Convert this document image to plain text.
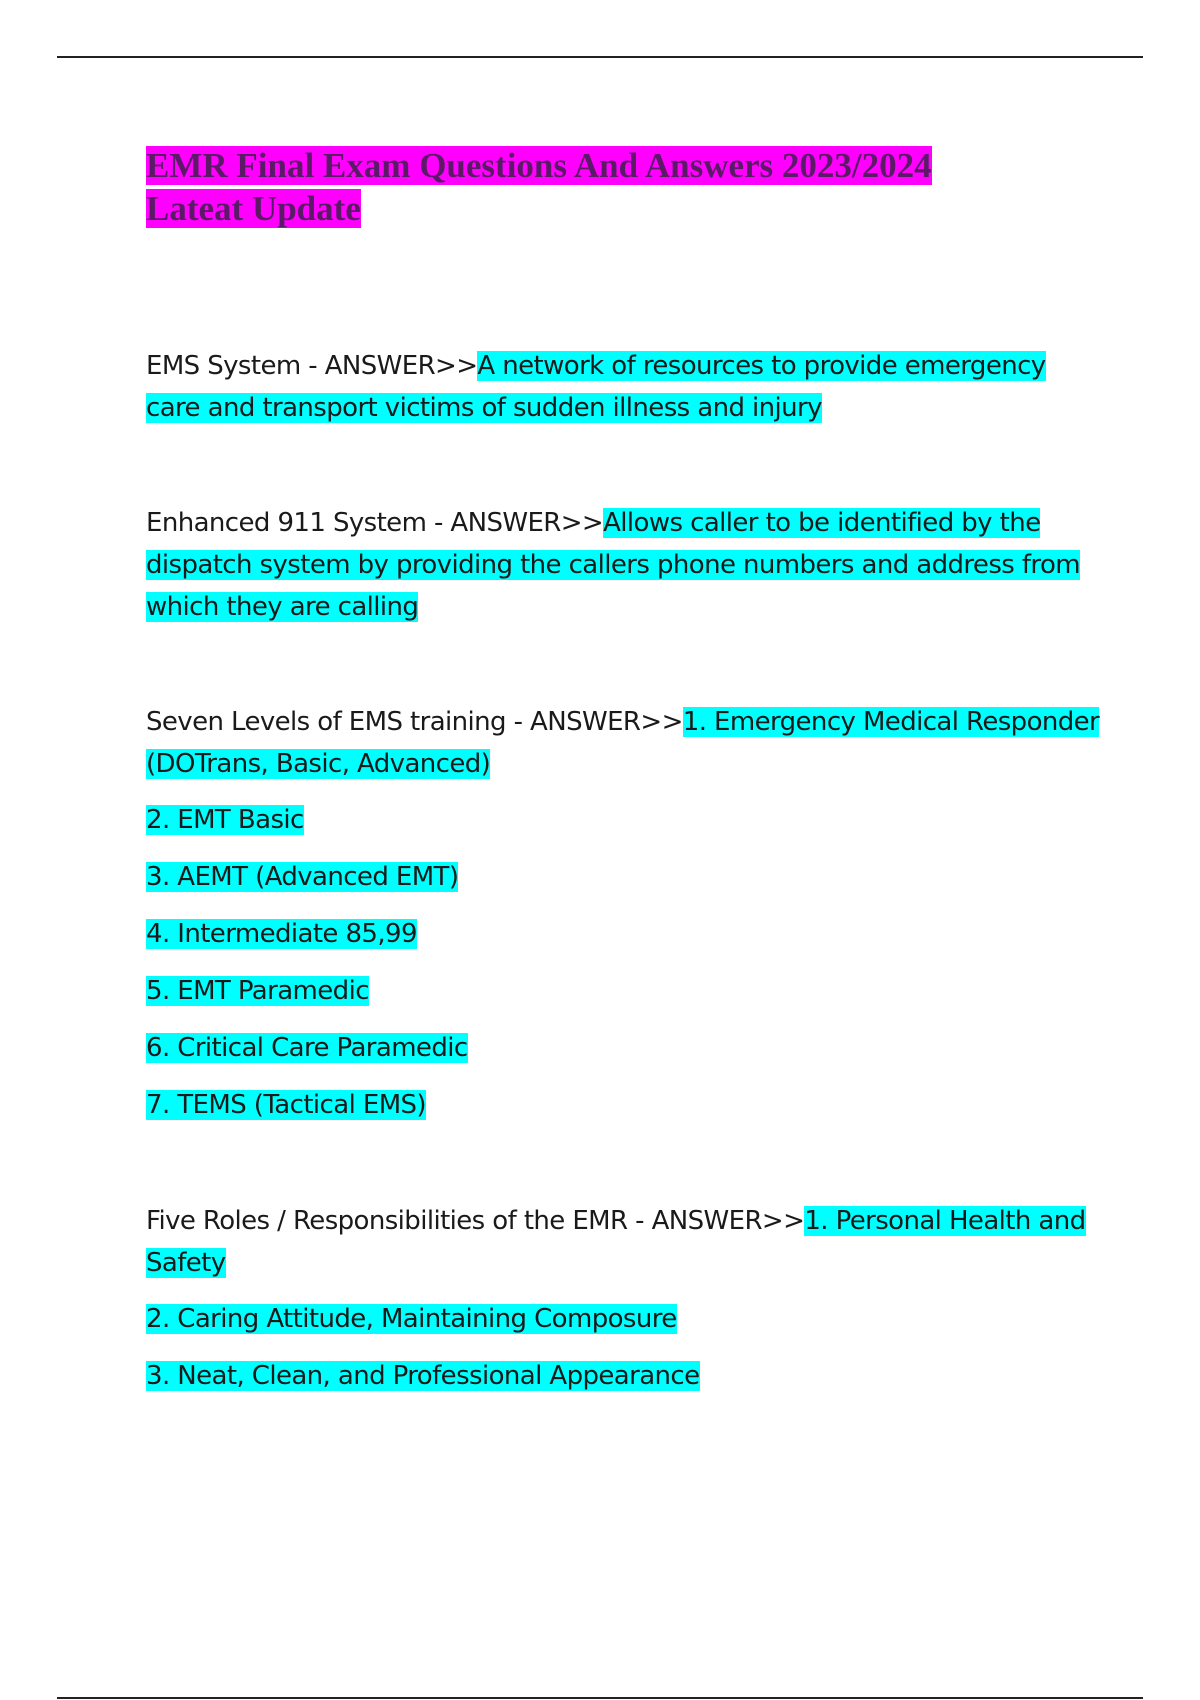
EMR Final Exam Questions And Answers 2023/2024 Lateat Update

EMS System - ANSWER>>A network of resources to provide emergency care and transport victims of sudden illness and injury

Enhanced 911 System - ANSWER>>Allows caller to be identified by the dispatch system by providing the callers phone numbers and address from which they are calling

Seven Levels of EMS training - ANSWER>>1. Emergency Medical Responder (DOTrans, Basic, Advanced)

2. EMT Basic

3. AEMT (Advanced EMT)

4. Intermediate 85,99

5. EMT Paramedic

6. Critical Care Paramedic

7. TEMS (Tactical EMS)

Five Roles / Responsibilities of the EMR - ANSWER>>1. Personal Health and Safety

2. Caring Attitude, Maintaining Composure

3. Neat, Clean, and Professional Appearance
